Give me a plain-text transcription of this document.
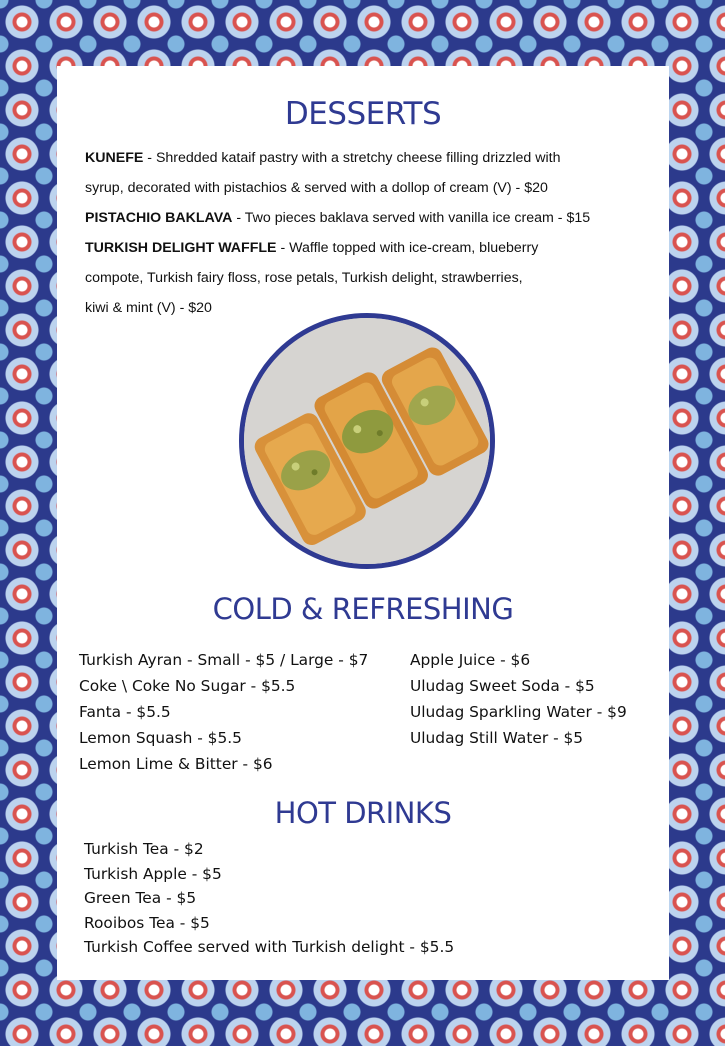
DESSERTS

KUNEFE - Shredded kataif pastry with a stretchy cheese filling drizzled with

syrup, decorated with pistachios & served with a dollop of cream (V) - $20

PISTACHIO BAKLAVA - Two pieces baklava served with vanilla ice cream - $15

TURKISH DELIGHT WAFFLE - Waffle topped with ice-cream, blueberry

compote, Turkish fairy floss, rose petals, Turkish delight, strawberries,

kiwi & mint (V) - $20

COLD & REFRESHING
Turkish Ayran - Small - $5 / Large - $7
Coke \ Coke No Sugar - $5.5
Fanta - $5.5
Lemon Squash - $5.5
Lemon Lime & Bitter - $6
Apple Juice - $6
Uludag Sweet Soda - $5
Uludag Sparkling Water - $9
Uludag Still Water - $5
HOT DRINKS
Turkish Tea - $2
Turkish Apple - $5
Green Tea - $5
Rooibos Tea - $5
Turkish Coffee served with Turkish delight - $5.5
